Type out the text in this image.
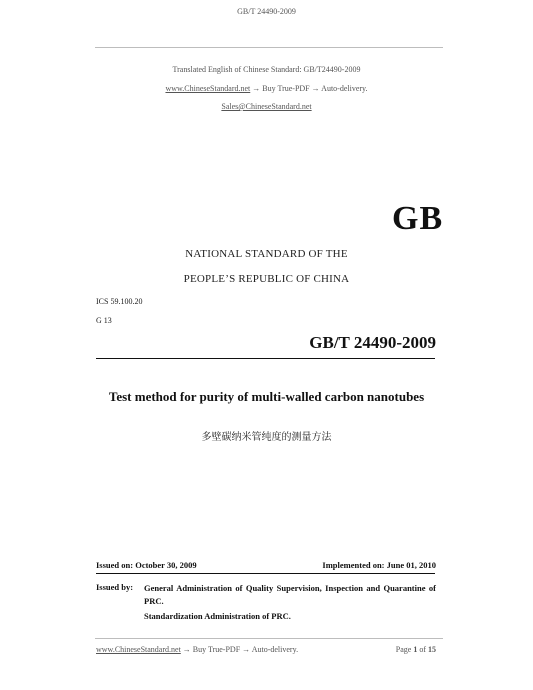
GB/T 24490-2009
Translated English of Chinese Standard: GB/T24490-2009
www.ChineseStandard.net → Buy True-PDF → Auto-delivery.
Sales@ChineseStandard.net
GB
NATIONAL STANDARD OF THE
PEOPLE’S REPUBLIC OF CHINA
ICS 59.100.20
G 13
GB/T 24490-2009
Test method for purity of multi-walled carbon nanotubes
多壁碳纳米管纯度的测量方法
Issued on: October 30, 2009	Implemented on: June 01, 2010
Issued by:	General Administration of Quality Supervision, Inspection and Quarantine of PRC.
Standardization Administration of PRC.
www.ChineseStandard.net → Buy True-PDF → Auto-delivery.	Page 1 of 15
